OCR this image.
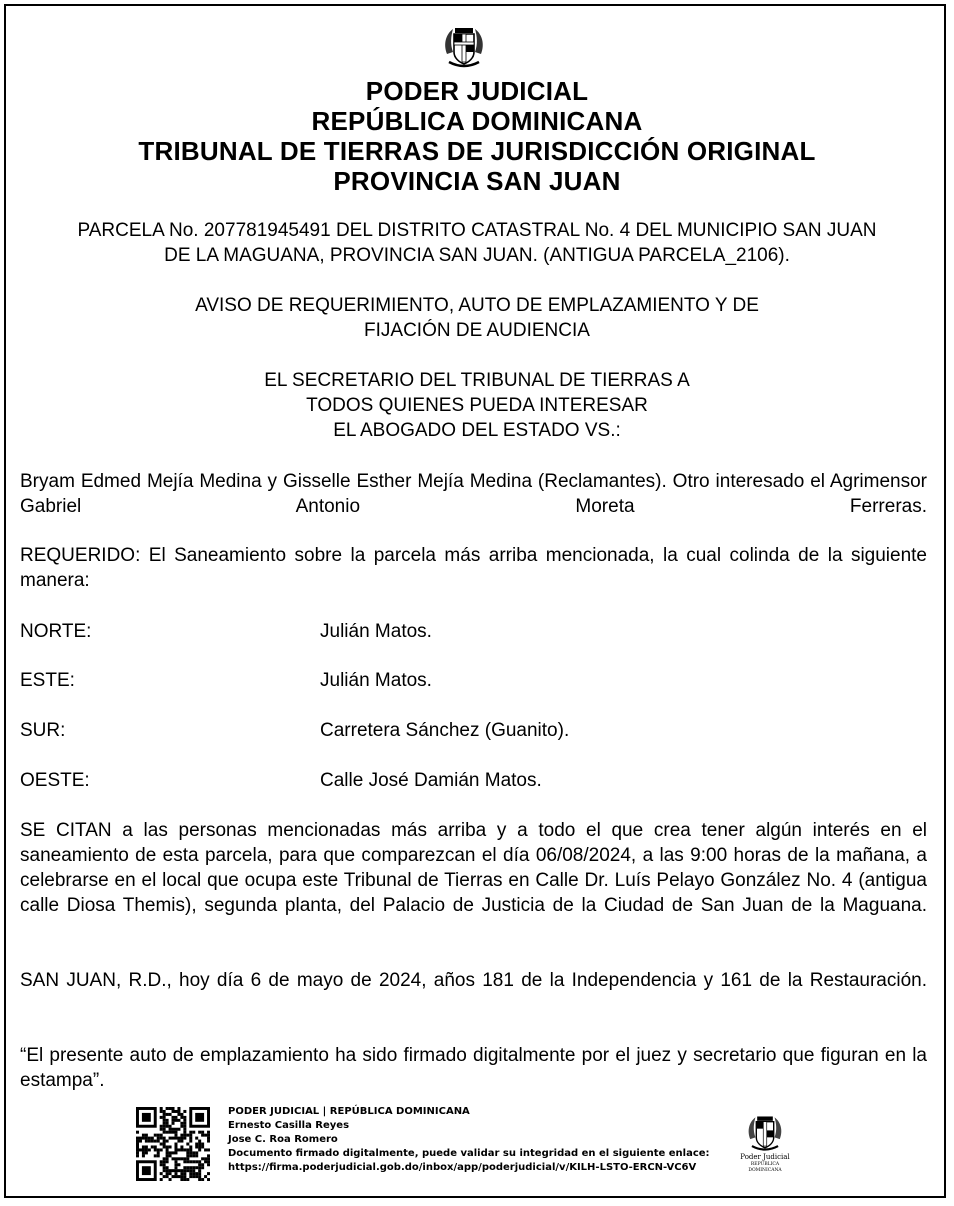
PODER JUDICIAL
REPÚBLICA DOMINICANA
TRIBUNAL DE TIERRAS DE JURISDICCIÓN ORIGINAL
PROVINCIA SAN JUAN
PARCELA No. 207781945491 DEL DISTRITO CATASTRAL No. 4 DEL MUNICIPIO SAN JUAN
DE LA MAGUANA, PROVINCIA SAN JUAN. (ANTIGUA PARCELA_2106).
AVISO DE REQUERIMIENTO, AUTO DE EMPLAZAMIENTO Y DE
FIJACIÓN DE AUDIENCIA
EL SECRETARIO DEL TRIBUNAL DE TIERRAS A
TODOS QUIENES PUEDA INTERESAR
EL ABOGADO DEL ESTADO VS.:
Bryam Edmed Mejía Medina y Gisselle Esther Mejía Medina (Reclamantes). Otro interesado el Agrimensor Gabriel Antonio Moreta Ferreras.
REQUERIDO: El Saneamiento sobre la parcela más arriba mencionada, la cual colinda de la siguiente manera:
NORTE:	Julián Matos.
ESTE:	Julián Matos.
SUR:	Carretera Sánchez (Guanito).
OESTE:	Calle José Damián Matos.
SE CITAN a las personas mencionadas más arriba y a todo el que crea tener algún interés en el saneamiento de esta parcela, para que comparezcan el día 06/08/2024, a las 9:00 horas de la mañana, a celebrarse en el local que ocupa este Tribunal de Tierras en Calle Dr. Luís Pelayo González No. 4 (antigua calle Diosa Themis), segunda planta, del Palacio de Justicia de la Ciudad de San Juan de la Maguana.
SAN JUAN, R.D., hoy día 6 de mayo de 2024, años 181 de la Independencia y 161 de la Restauración.
“El presente auto de emplazamiento ha sido firmado digitalmente por el juez y secretario que figuran en la estampa”.
PODER JUDICIAL | REPÚBLICA DOMINICANA
Ernesto Casilla Reyes
Jose C. Roa Romero
Documento firmado digitalmente, puede validar su integridad en el siguiente enlace:
https://firma.poderjudicial.gob.do/inbox/app/poderjudicial/v/KILH-LSTO-ERCN-VC6V
Poder Judicial
REPÚBLICA DOMINICANA
